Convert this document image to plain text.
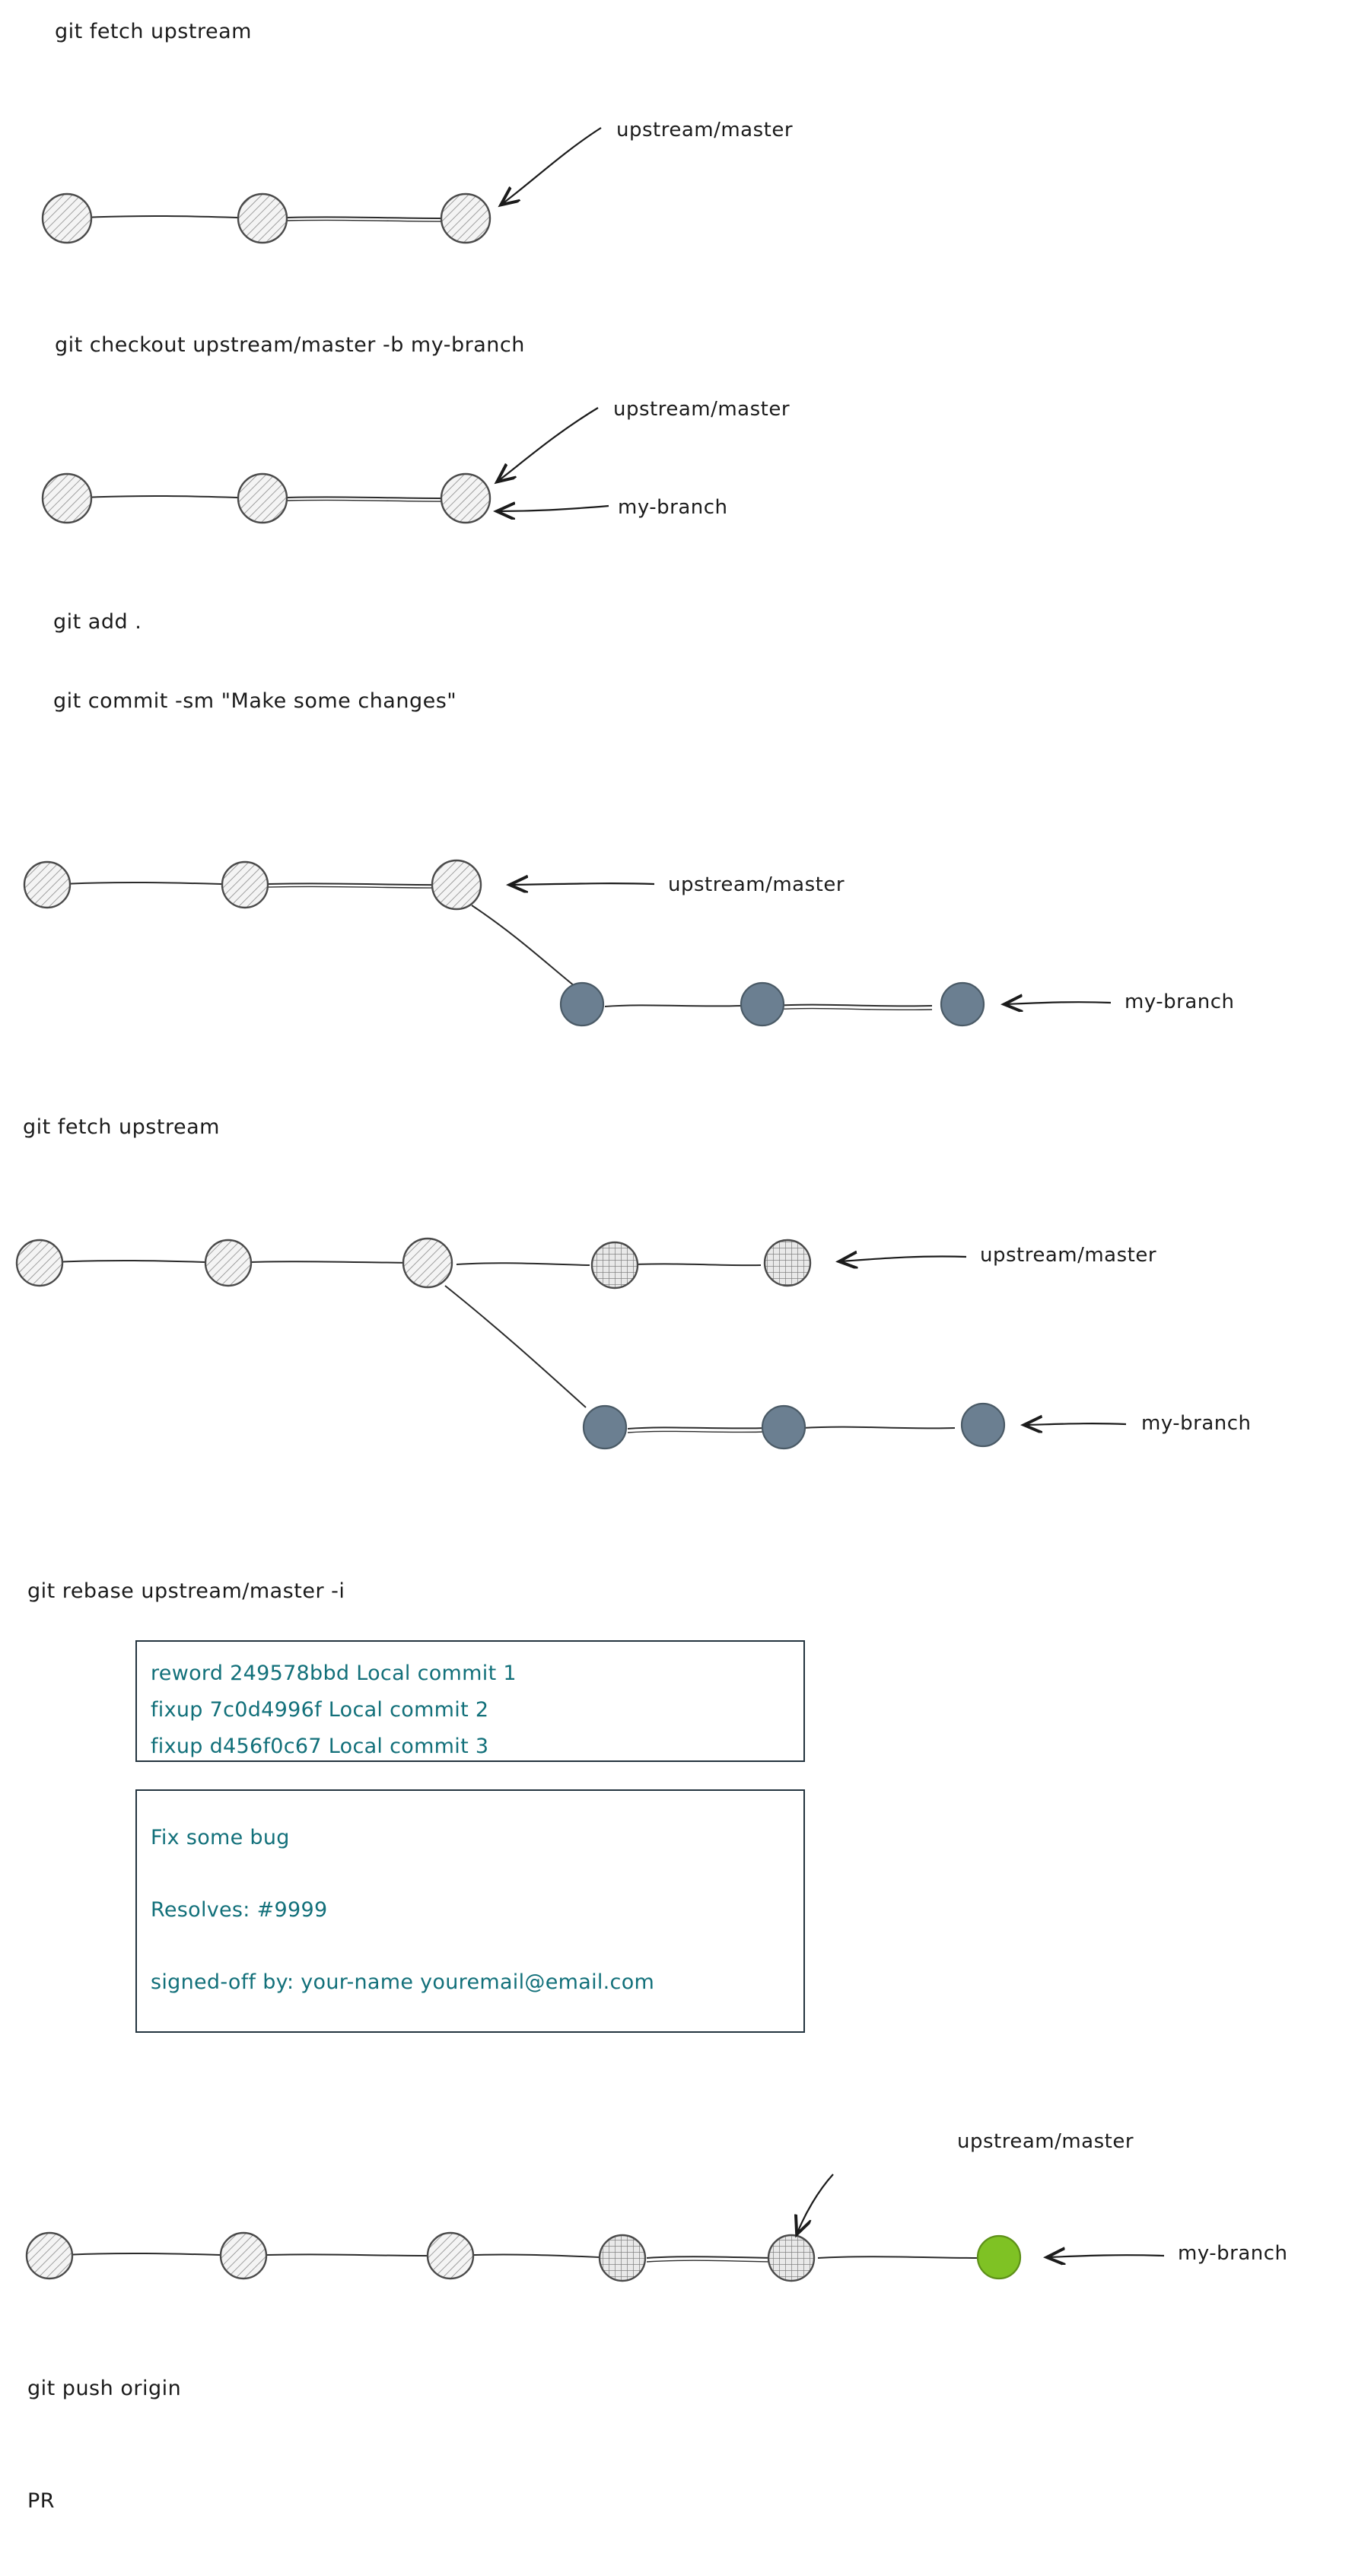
git fetch upstream
upstream/master
git checkout upstream/master -b my-branch
upstream/master
my-branch
git add .
git commit -sm "Make some changes"
upstream/master
my-branch
git fetch upstream
upstream/master
my-branch
git rebase upstream/master -i
reword 249578bbd Local commit 1
fixup 7c0d4996f Local commit 2
fixup d456f0c67 Local commit 3
Fix some bug
Resolves: #9999
signed-off by: your-name youremail@email.com
upstream/master
my-branch
git push origin
PR
